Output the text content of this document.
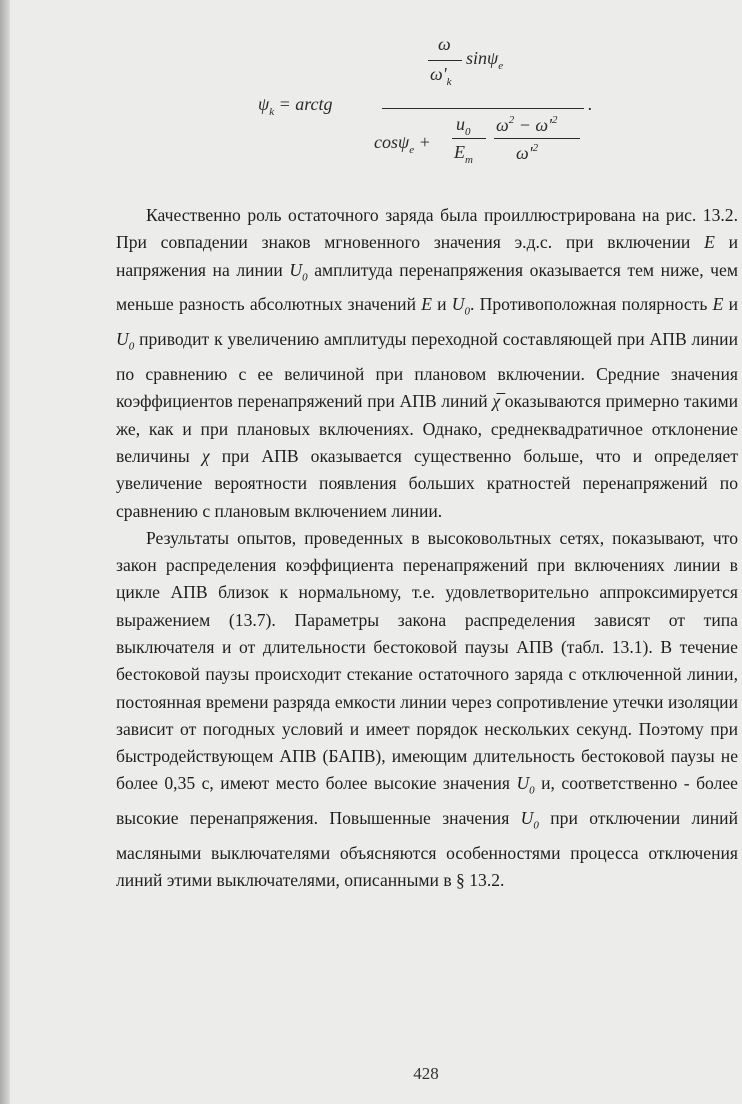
ω
sinψ$_e$
$\omega'_k$
$\psi_k$ = arctg	.
cosψ$_e$ +
$u_0$
$E_m$
$\omega^2 - \omega'^2$
$\omega'^2$

Качественно роль остаточного заряда была проиллюстрирована на рис. 13.2. При совпадении знаков мгновенного значения э.д.с. при включении E и напряжения на линии $U_0$ амплитуда перенапряжения оказывается тем ниже, чем меньше разность абсолютных значений E и $U_0$. Противоположная полярность E и $U_0$ приводит к увеличению амплитуды переходной составляющей при АПВ линии по сравнению с ее величиной при плановом включении. Средние значения коэффициентов перенапряжений при АПВ линий χ̅ оказываются примерно такими же, как и при плановых включениях. Однако, среднеквадратичное отклонение величины χ при АПВ оказывается существенно больше, что и определяет увеличение вероятности появления больших кратностей перенапряжений по сравнению с плановым включением линии.

Результаты опытов, проведенных в высоковольтных сетях, показывают, что закон распределения коэффициента перенапряжений при включениях линии в цикле АПВ близок к нормальному, т.е. удовлетворительно аппроксимируется выражением (13.7). Параметры закона распределения зависят от типа выключателя и от длительности бестоковой паузы АПВ (табл. 13.1). В течение бестоковой паузы происходит стекание остаточного заряда с отключенной линии, постоянная времени разряда емкости линии через сопротивление утечки изоляции зависит от погодных условий и имеет порядок нескольких секунд. Поэтому при быстродействующем АПВ (БАПВ), имеющим длительность бестоковой паузы не более 0,35 с, имеют место более высокие значения $U_0$ и, соответственно - более высокие перенапряжения. Повышенные значения $U_0$ при отключении линий масляными выключателями объясняются особенностями процесса отключения линий этими выключателями, описанными в § 13.2.

428
